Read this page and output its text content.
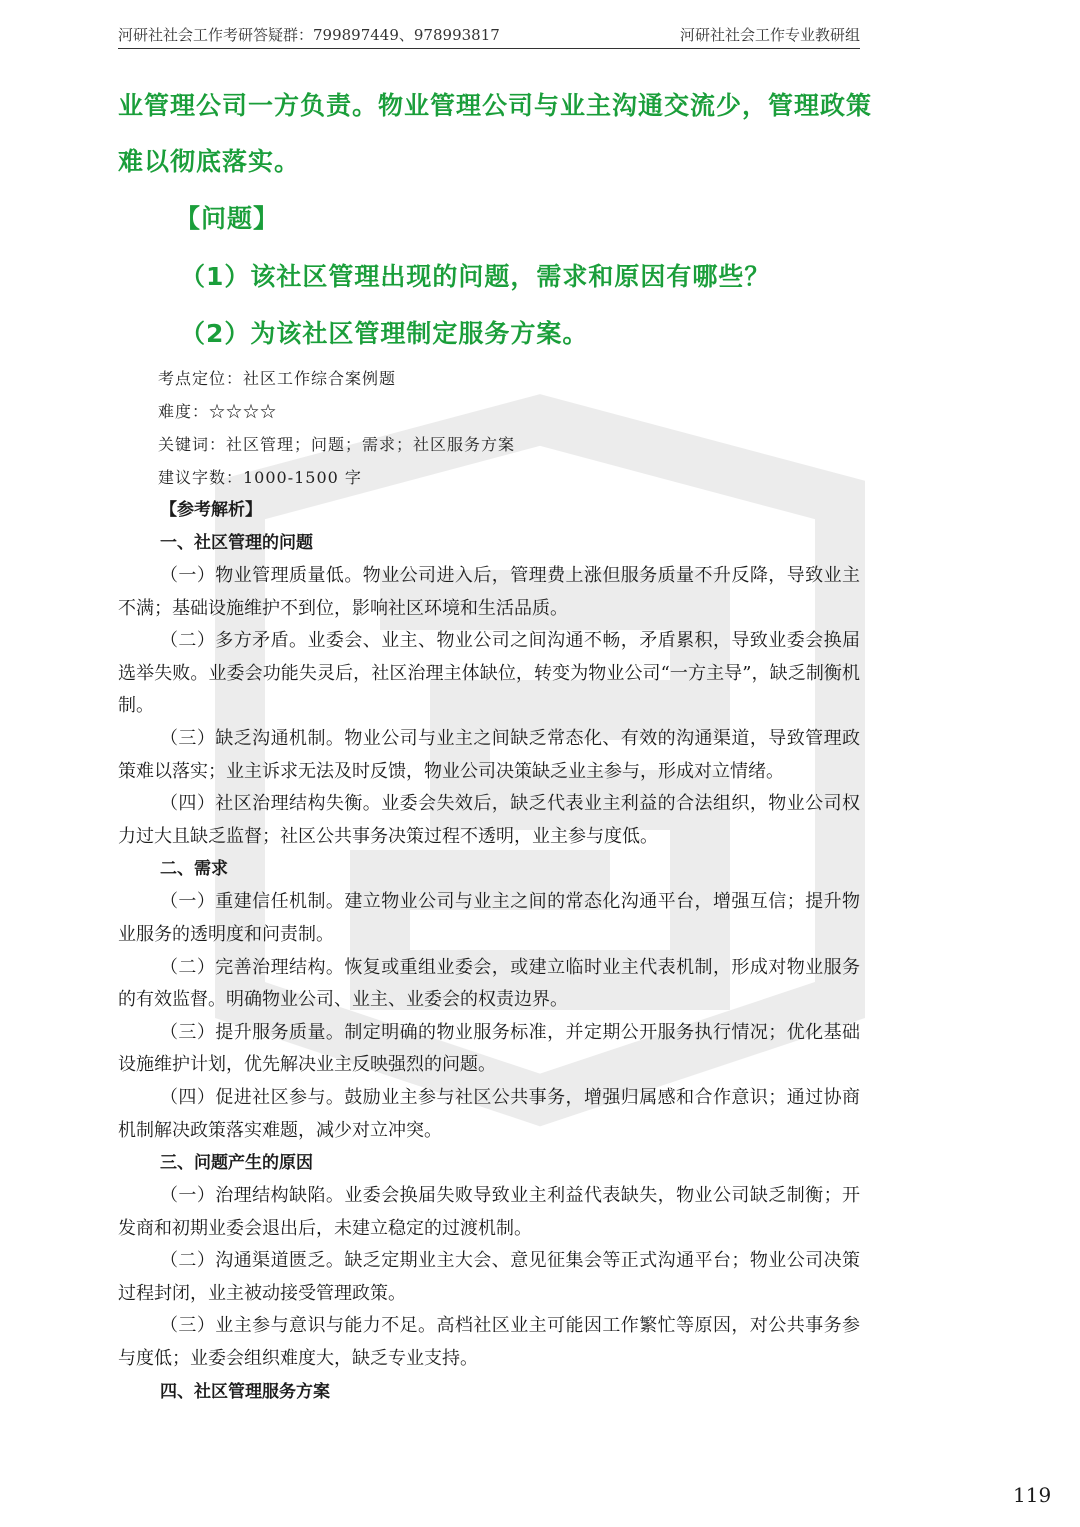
河研社社会工作考研答疑群：799897449、978993817	河研社社会工作专业教研组
业管理公司一方负责。物业管理公司与业主沟通交流少，管理政策
难以彻底落实。
【问题】
（1）该社区管理出现的问题，需求和原因有哪些？
（2）为该社区管理制定服务方案。
考点定位：社区工作综合案例题
难度：☆☆☆☆
关键词：社区管理；问题；需求；社区服务方案
建议字数：1000-1500 字
【参考解析】
一、社区管理的问题

（一）物业管理质量低。物业公司进入后，管理费上涨但服务质量不升反降，导致业主不满；基础设施维护不到位，影响社区环境和生活品质。

（二）多方矛盾。业委会、业主、物业公司之间沟通不畅，矛盾累积，导致业委会换届选举失败。业委会功能失灵后，社区治理主体缺位，转变为物业公司“一方主导”，缺乏制衡机制。

（三）缺乏沟通机制。物业公司与业主之间缺乏常态化、有效的沟通渠道，导致管理政策难以落实；业主诉求无法及时反馈，物业公司决策缺乏业主参与，形成对立情绪。

（四）社区治理结构失衡。业委会失效后，缺乏代表业主利益的合法组织，物业公司权力过大且缺乏监督；社区公共事务决策过程不透明，业主参与度低。

二、需求

（一）重建信任机制。建立物业公司与业主之间的常态化沟通平台，增强互信；提升物业服务的透明度和问责制。

（二）完善治理结构。恢复或重组业委会，或建立临时业主代表机制，形成对物业服务的有效监督。明确物业公司、业主、业委会的权责边界。

（三）提升服务质量。制定明确的物业服务标准，并定期公开服务执行情况；优化基础设施维护计划，优先解决业主反映强烈的问题。

（四）促进社区参与。鼓励业主参与社区公共事务，增强归属感和合作意识；通过协商机制解决政策落实难题，减少对立冲突。

三、问题产生的原因

（一）治理结构缺陷。业委会换届失败导致业主利益代表缺失，物业公司缺乏制衡；开发商和初期业委会退出后，未建立稳定的过渡机制。

（二）沟通渠道匮乏。缺乏定期业主大会、意见征集会等正式沟通平台；物业公司决策过程封闭，业主被动接受管理政策。

（三）业主参与意识与能力不足。高档社区业主可能因工作繁忙等原因，对公共事务参与度低；业委会组织难度大，缺乏专业支持。

四、社区管理服务方案
119
